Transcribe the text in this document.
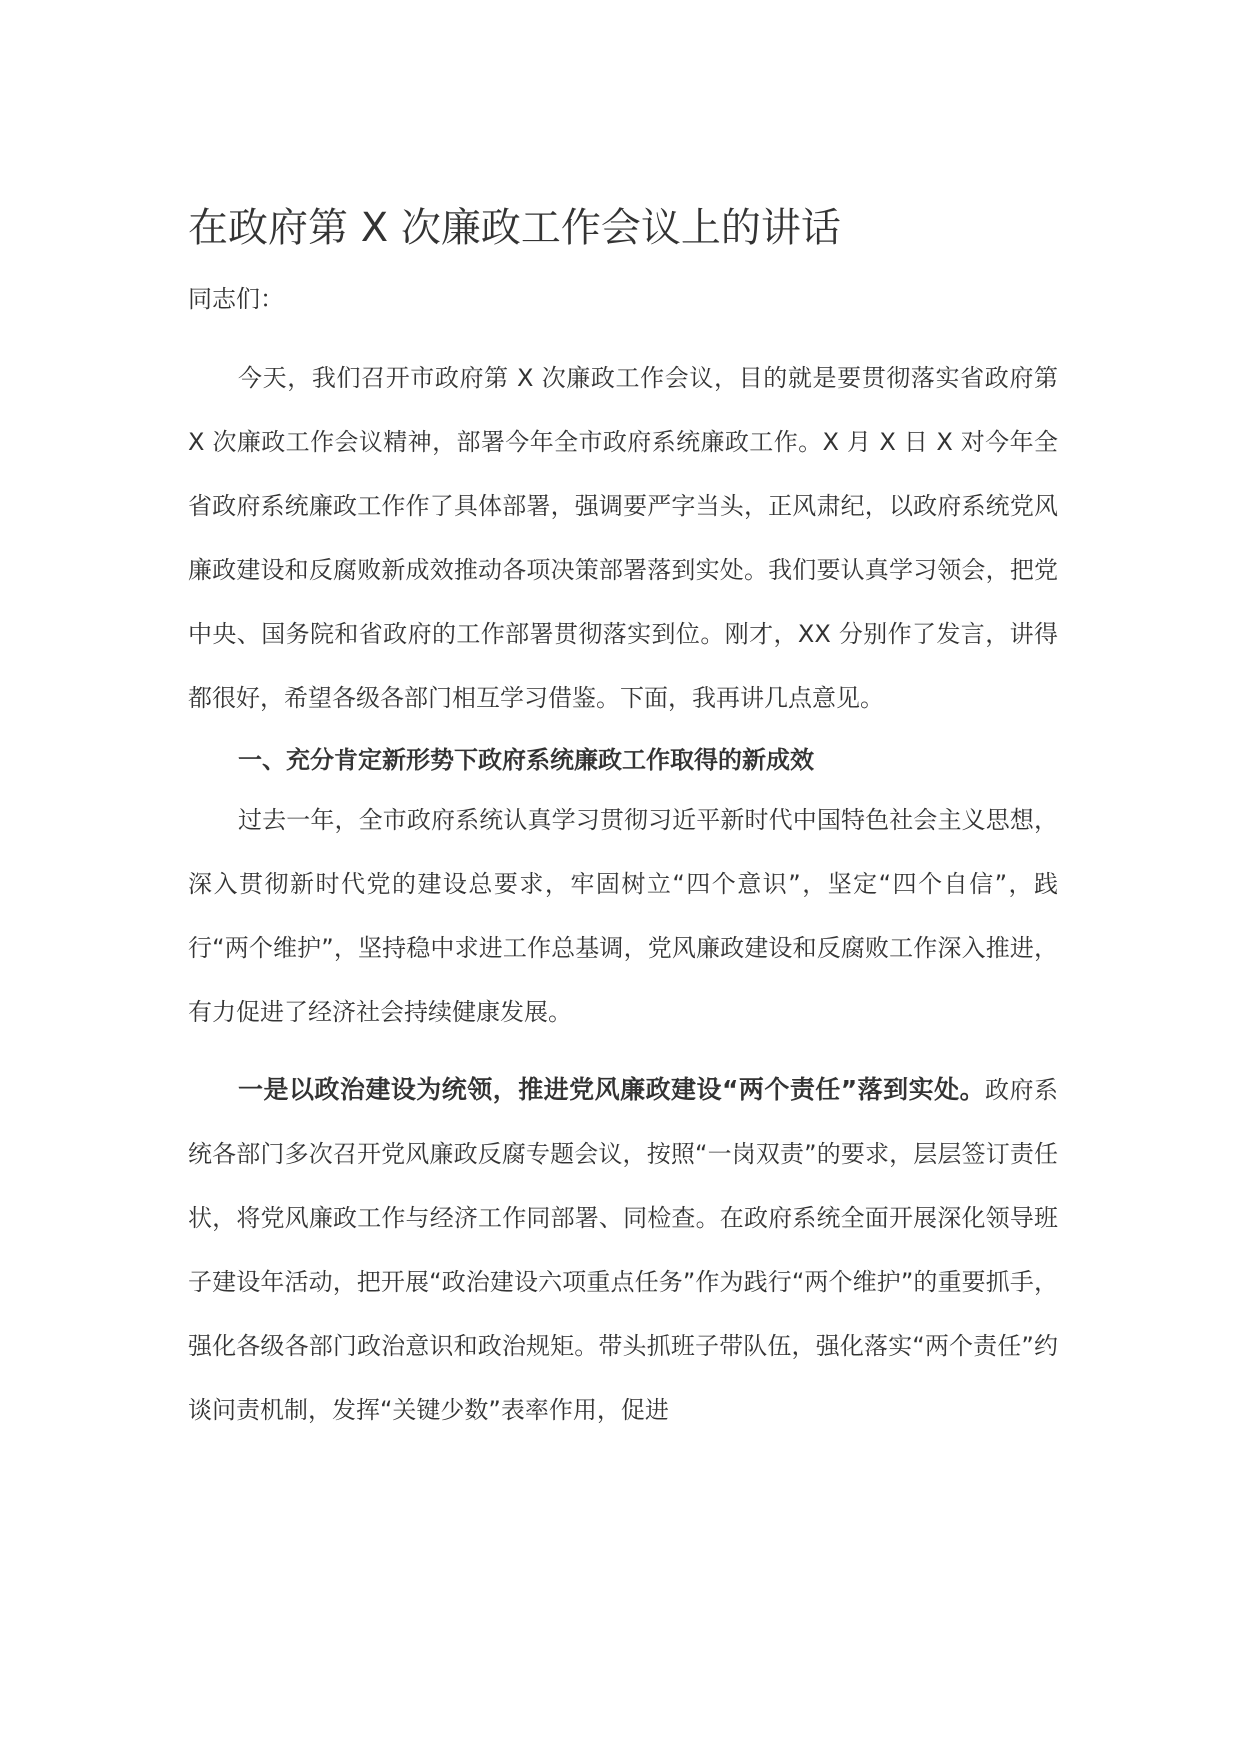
在政府第 X 次廉政工作会议上的讲话

同志们：

今天，我们召开市政府第 X 次廉政工作会议，目的就是要贯彻落实省政府第 X 次廉政工作会议精神，部署今年全市政府系统廉政工作。X 月 X 日 X 对今年全省政府系统廉政工作作了具体部署，强调要严字当头，正风肃纪，以政府系统党风廉政建设和反腐败新成效推动各项决策部署落到实处。我们要认真学习领会，把党中央、国务院和省政府的工作部署贯彻落实到位。刚才，XX 分别作了发言，讲得都很好，希望各级各部门相互学习借鉴。下面，我再讲几点意见。

一、充分肯定新形势下政府系统廉政工作取得的新成效

过去一年，全市政府系统认真学习贯彻习近平新时代中国特色社会主义思想，深入贯彻新时代党的建设总要求，牢固树立“四个意识”，坚定“四个自信”，践行“两个维护”，坚持稳中求进工作总基调，党风廉政建设和反腐败工作深入推进，有力促进了经济社会持续健康发展。

一是以政治建设为统领，推进党风廉政建设“两个责任”落到实处。政府系统各部门多次召开党风廉政反腐专题会议，按照“一岗双责”的要求，层层签订责任状，将党风廉政工作与经济工作同部署、同检查。在政府系统全面开展深化领导班子建设年活动，把开展“政治建设六项重点任务”作为践行“两个维护”的重要抓手，强化各级各部门政治意识和政治规矩。带头抓班子带队伍，强化落实“两个责任”约谈问责机制，发挥“关键少数”表率作用，促进
